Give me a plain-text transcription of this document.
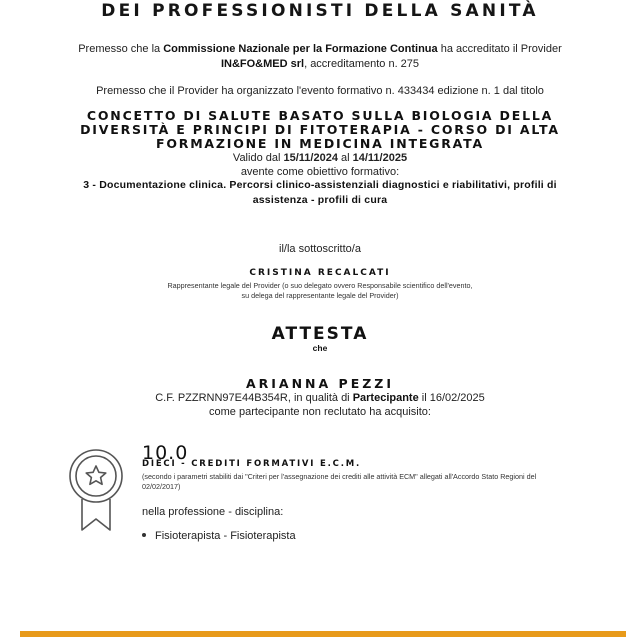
DEI PROFESSIONISTI DELLA SANITÀ
Premesso che la Commissione Nazionale per la Formazione Continua ha accreditato il Provider
IN&FO&MED srl, accreditamento n. 275
Premesso che il Provider ha organizzato l'evento formativo n. 433434 edizione n. 1 dal titolo
CONCETTO DI SALUTE BASATO SULLA BIOLOGIA DELLA
DIVERSITÀ E PRINCIPI DI FITOTERAPIA - CORSO DI ALTA
FORMAZIONE IN MEDICINA INTEGRATA
Valido dal 15/11/2024 al 14/11/2025
avente come obiettivo formativo:
3 - Documentazione clinica. Percorsi clinico-assistenziali diagnostici e riabilitativi, profili di
assistenza - profili di cura
il/la sottoscritto/a
CRISTINA RECALCATI
Rappresentante legale del Provider (o suo delegato ovvero Responsabile scientifico dell'evento,
su delega del rappresentante legale del Provider)
ATTESTA
che
ARIANNA PEZZI
C.F. PZZRNN97E44B354R, in qualità di Partecipante il 16/02/2025
come partecipante non reclutato ha acquisito:
10.0
DIECI - CREDITI FORMATIVI E.C.M.
(secondo i parametri stabiliti dai "Criteri per l'assegnazione dei crediti alle attività ECM" allegati all'Accordo Stato Regioni del 02/02/2017)
nella professione - disciplina:
Fisioterapista - Fisioterapista
